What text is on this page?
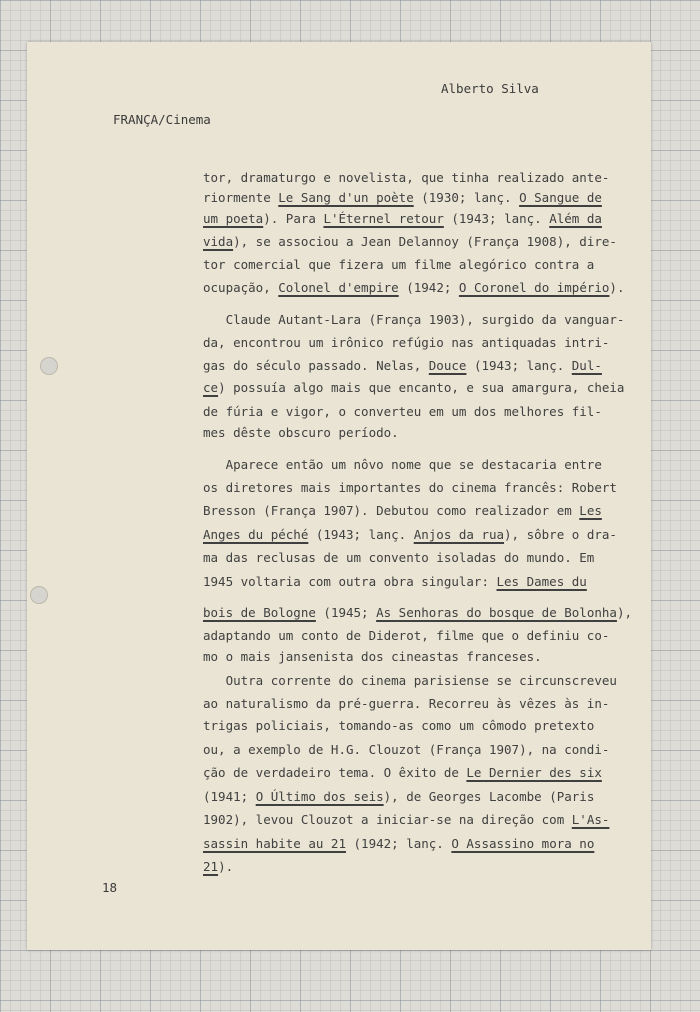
Alberto Silva
FRANÇA/Cinema
tor, dramaturgo e novelista, que tinha realizado ante-
riormente Le Sang d'un poète (1930; lanç. O Sangue de
um poeta). Para L'Éternel retour (1943; lanç. Além da
vida), se associou a Jean Delannoy (França 1908), dire-
tor comercial que fizera um filme alegórico contra a
ocupação, Colonel d'empire (1942; O Coronel do império).
Claude Autant-Lara (França 1903), surgido da vanguar-
da, encontrou um irônico refúgio nas antiquadas intri-
gas do século passado. Nelas, Douce (1943; lanç. Dul-
ce) possuía algo mais que encanto, e sua amargura, cheia
de fúria e vigor, o converteu em um dos melhores fil-
mes dêste obscuro período.
Aparece então um nôvo nome que se destacaria entre
os diretores mais importantes do cinema francês: Robert
Bresson (França 1907). Debutou como realizador em Les
Anges du péché (1943; lanç. Anjos da rua), sôbre o dra-
ma das reclusas de um convento isoladas do mundo. Em
1945 voltaria com outra obra singular: Les Dames du
bois de Bologne (1945; As Senhoras do bosque de Bolonha),
adaptando um conto de Diderot, filme que o definiu co-
mo o mais jansenista dos cineastas franceses.
Outra corrente do cinema parisiense se circunscreveu
ao naturalismo da pré-guerra. Recorreu às vêzes às in-
trigas policiais, tomando-as como um cômodo pretexto
ou, a exemplo de H.G. Clouzot (França 1907), na condi-
ção de verdadeiro tema. O êxito de Le Dernier des six
(1941; O Último dos seis), de Georges Lacombe (Paris
1902), levou Clouzot a iniciar-se na direção com L'As-
sassin habite au 21 (1942; lanç. O Assassino mora no
21).
18
